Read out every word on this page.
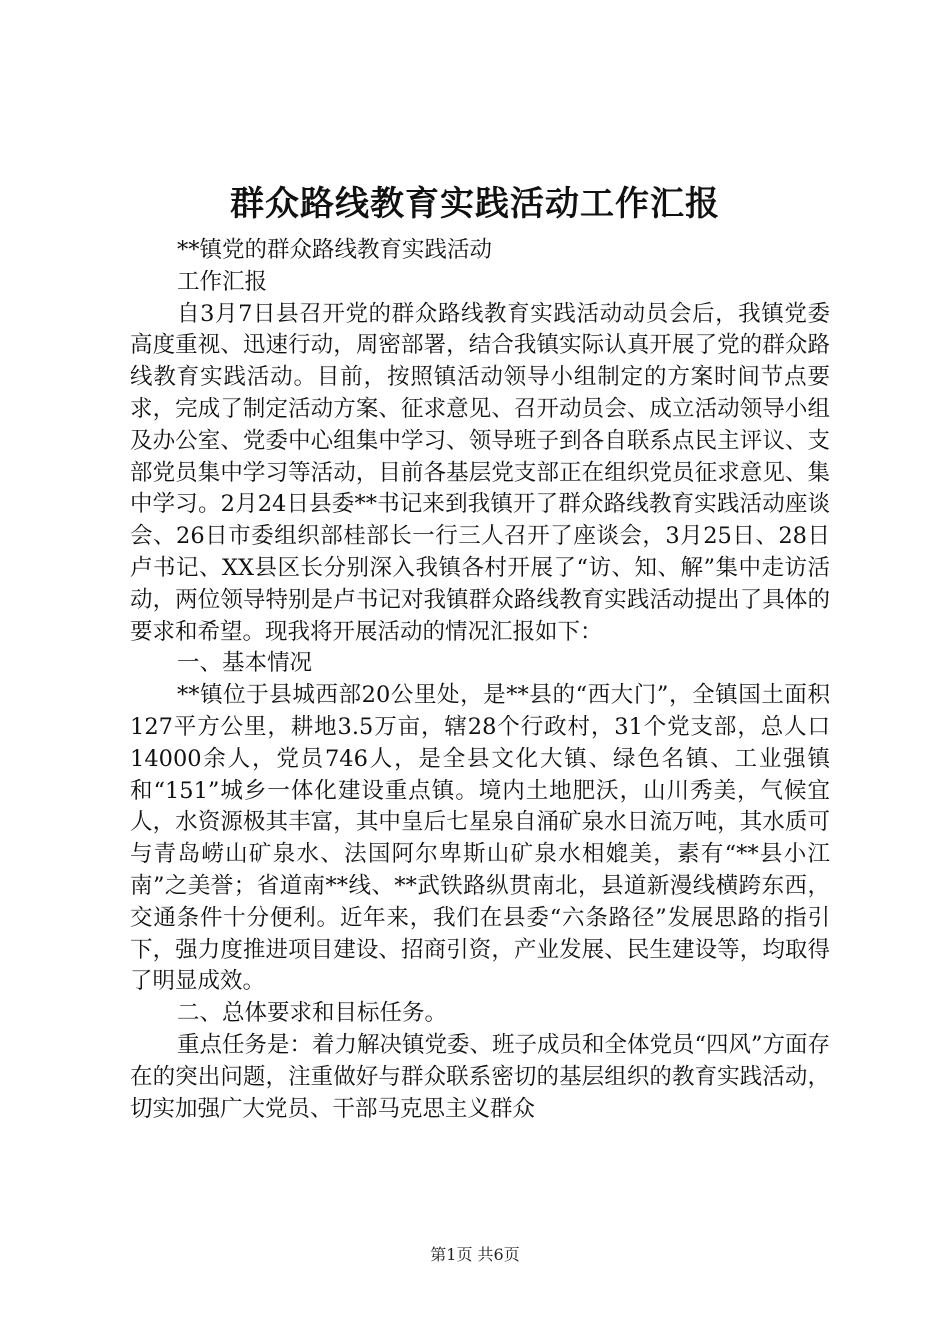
群众路线教育实践活动工作汇报

**镇党的群众路线教育实践活动

工作汇报

自3月7日县召开党的群众路线教育实践活动动员会后，我镇党委高度重视、迅速行动，周密部署，结合我镇实际认真开展了党的群众路线教育实践活动。目前，按照镇活动领导小组制定的方案时间节点要求，完成了制定活动方案、征求意见、召开动员会、成立活动领导小组及办公室、党委中心组集中学习、领导班子到各自联系点民主评议、支部党员集中学习等活动，目前各基层党支部正在组织党员征求意见、集中学习。2月24日县委**书记来到我镇开了群众路线教育实践活动座谈会、26日市委组织部桂部长一行三人召开了座谈会，3月25日、28日卢书记、XX县区长分别深入我镇各村开展了“访、知、解”集中走访活动，两位领导特别是卢书记对我镇群众路线教育实践活动提出了具体的要求和希望。现我将开展活动的情况汇报如下：

一、基本情况

**镇位于县城西部20公里处，是**县的“西大门”，全镇国土面积127平方公里，耕地3.5万亩，辖28个行政村，31个党支部，总人口14000余人，党员746人，是全县文化大镇、绿色名镇、工业强镇和“151”城乡一体化建设重点镇。境内土地肥沃，山川秀美，气候宜人，水资源极其丰富，其中皇后七星泉自涌矿泉水日流万吨，其水质可与青岛崂山矿泉水、法国阿尔卑斯山矿泉水相媲美，素有“**县小江南”之美誉；省道南**线、**武铁路纵贯南北，县道新漫线横跨东西，交通条件十分便利。近年来，我们在县委“六条路径”发展思路的指引下，强力度推进项目建设、招商引资，产业发展、民生建设等，均取得了明显成效。

二、总体要求和目标任务。

重点任务是：着力解决镇党委、班子成员和全体党员“四风”方面存在的突出问题，注重做好与群众联系密切的基层组织的教育实践活动，切实加强广大党员、干部马克思主义群众

第1页 共6页
